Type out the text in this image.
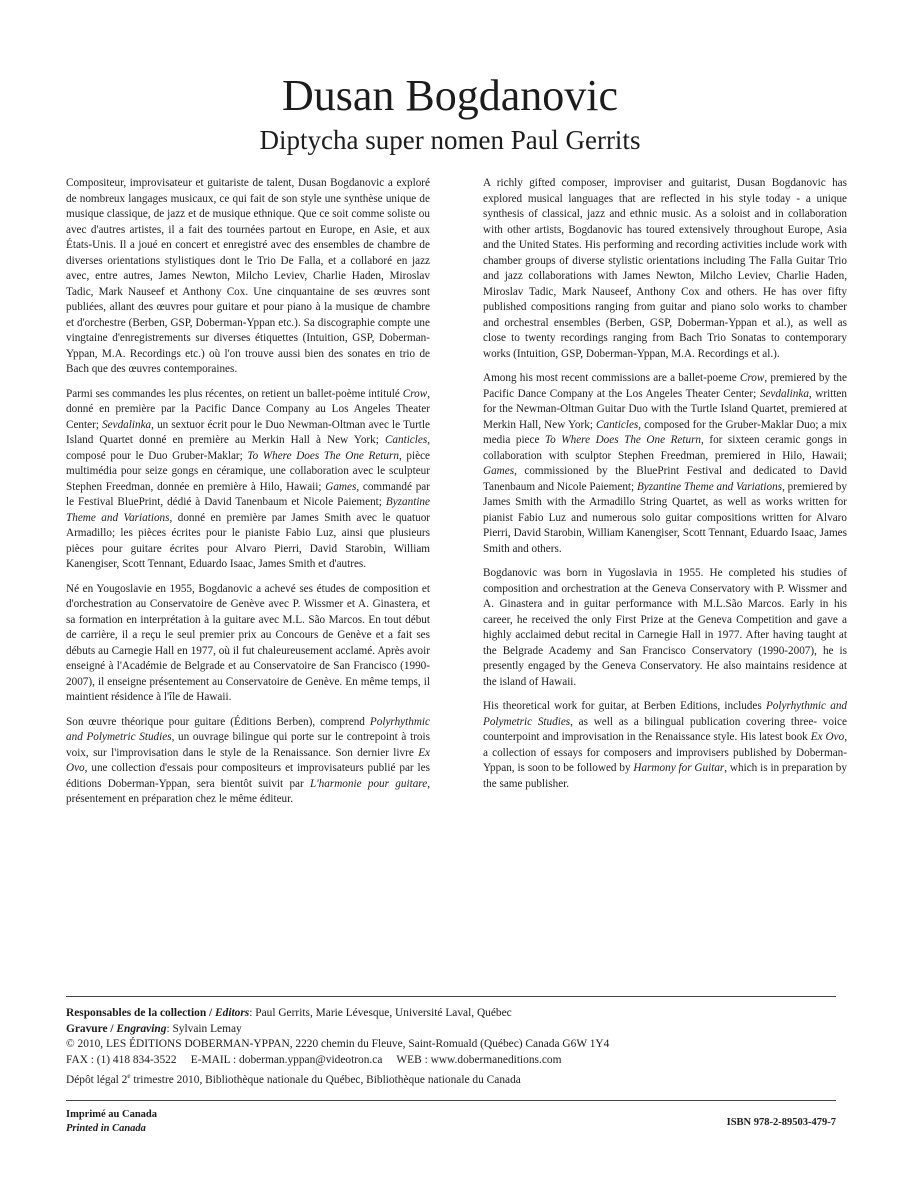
Dusan Bogdanovic
Diptycha super nomen Paul Gerrits

Compositeur, improvisateur et guitariste de talent, Dusan Bogdanovic a exploré de nombreux langages musicaux, ce qui fait de son style une synthèse unique de musique classique, de jazz et de musique ethnique. Que ce soit comme soliste ou avec d'autres artistes, il a fait des tournées partout en Europe, en Asie, et aux États-Unis. Il a joué en concert et enregistré avec des ensembles de chambre de diverses orientations stylistiques dont le Trio De Falla, et a collaboré en jazz avec, entre autres, James Newton, Milcho Leviev, Charlie Haden, Miroslav Tadic, Mark Nauseef et Anthony Cox. Une cinquantaine de ses œuvres sont publiées, allant des œuvres pour guitare et pour piano à la musique de chambre et d'orchestre (Berben, GSP, Doberman-Yppan etc.). Sa discographie compte une vingtaine d'enregistrements sur diverses étiquettes (Intuition, GSP, Doberman-Yppan, M.A. Recordings etc.) où l'on trouve aussi bien des sonates en trio de Bach que des œuvres contemporaines.

Parmi ses commandes les plus récentes, on retient un ballet-poème intitulé Crow, donné en première par la Pacific Dance Company au Los Angeles Theater Center; Sevdalinka, un sextuor écrit pour le Duo Newman-Oltman avec le Turtle Island Quartet donné en première au Merkin Hall à New York; Canticles, composé pour le Duo Gruber-Maklar; To Where Does The One Return, pièce multimédia pour seize gongs en céramique, une collaboration avec le sculpteur Stephen Freedman, donnée en première à Hilo, Hawaii; Games, commandé par le Festival BluePrint, dédié à David Tanenbaum et Nicole Paiement; Byzantine Theme and Variations, donné en première par James Smith avec le quatuor Armadillo; les pièces écrites pour le pianiste Fabio Luz, ainsi que plusieurs pièces pour guitare écrites pour Alvaro Pierri, David Starobin, William Kanengiser, Scott Tennant, Eduardo Isaac, James Smith et d'autres.

Né en Yougoslavie en 1955, Bogdanovic a achevé ses études de composition et d'orchestration au Conservatoire de Genève avec P. Wissmer et A. Ginastera, et sa formation en interprétation à la guitare avec M.L. São Marcos. En tout début de carrière, il a reçu le seul premier prix au Concours de Genève et a fait ses débuts au Carnegie Hall en 1977, où il fut chaleureusement acclamé. Après avoir enseigné à l'Académie de Belgrade et au Conservatoire de San Francisco (1990-2007), il enseigne présentement au Conservatoire de Genève. En même temps, il maintient résidence à l'île de Hawaii.

Son œuvre théorique pour guitare (Éditions Berben), comprend Polyrhythmic and Polymetric Studies, un ouvrage bilingue qui porte sur le contrepoint à trois voix, sur l'improvisation dans le style de la Renaissance. Son dernier livre Ex Ovo, une collection d'essais pour compositeurs et improvisateurs publié par les éditions Doberman-Yppan, sera bientôt suivit par L'harmonie pour guitare, présentement en préparation chez le même éditeur.

A richly gifted composer, improviser and guitarist, Dusan Bogdanovic has explored musical languages that are reflected in his style today - a unique synthesis of classical, jazz and ethnic music. As a soloist and in collaboration with other artists, Bogdanovic has toured extensively throughout Europe, Asia and the United States. His performing and recording activities include work with chamber groups of diverse stylistic orientations including The Falla Guitar Trio and jazz collaborations with James Newton, Milcho Leviev, Charlie Haden, Miroslav Tadic, Mark Nauseef, Anthony Cox and others. He has over fifty published compositions ranging from guitar and piano solo works to chamber and orchestral ensembles (Berben, GSP, Doberman-Yppan et al.), as well as close to twenty recordings ranging from Bach Trio Sonatas to contemporary works (Intuition, GSP, Doberman-Yppan, M.A. Recordings et al.).

Among his most recent commissions are a ballet-poeme Crow, premiered by the Pacific Dance Company at the Los Angeles Theater Center; Sevdalinka, written for the Newman-Oltman Guitar Duo with the Turtle Island Quartet, premiered at Merkin Hall, New York; Canticles, composed for the Gruber-Maklar Duo; a mix media piece To Where Does The One Return, for sixteen ceramic gongs in collaboration with sculptor Stephen Freedman, premiered in Hilo, Hawaii; Games, commissioned by the BluePrint Festival and dedicated to David Tanenbaum and Nicole Paiement; Byzantine Theme and Variations, premiered by James Smith with the Armadillo String Quartet, as well as works written for pianist Fabio Luz and numerous solo guitar compositions written for Alvaro Pierri, David Starobin, William Kanengiser, Scott Tennant, Eduardo Isaac, James Smith and others.

Bogdanovic was born in Yugoslavia in 1955. He completed his studies of composition and orchestration at the Geneva Conservatory with P. Wissmer and A. Ginastera and in guitar performance with M.L.São Marcos. Early in his career, he received the only First Prize at the Geneva Competition and gave a highly acclaimed debut recital in Carnegie Hall in 1977. After having taught at the Belgrade Academy and San Francisco Conservatory (1990-2007), he is presently engaged by the Geneva Conservatory. He also maintains residence at the island of Hawaii.

His theoretical work for guitar, at Berben Editions, includes Polyrhythmic and Polymetric Studies, as well as a bilingual publication covering three- voice counterpoint and improvisation in the Renaissance style. His latest book Ex Ovo, a collection of essays for composers and improvisers published by Doberman-Yppan, is soon to be followed by Harmony for Guitar, which is in preparation by the same publisher.

Responsables de la collection / Editors: Paul Gerrits, Marie Lévesque, Université Laval, Québec
Gravure / Engraving: Sylvain Lemay
© 2010, LES ÉDITIONS DOBERMAN-YPPAN, 2220 chemin du Fleuve, Saint-Romuald (Québec) Canada G6W 1Y4
FAX : (1) 418 834-3522     E-MAIL : doberman.yppan@videotron.ca     WEB : www.dobermaneditions.com
Dépôt légal 2e trimestre 2010, Bibliothèque nationale du Québec, Bibliothèque nationale du Canada
Imprimé au Canada
Printed in Canada
ISBN 978-2-89503-479-7
